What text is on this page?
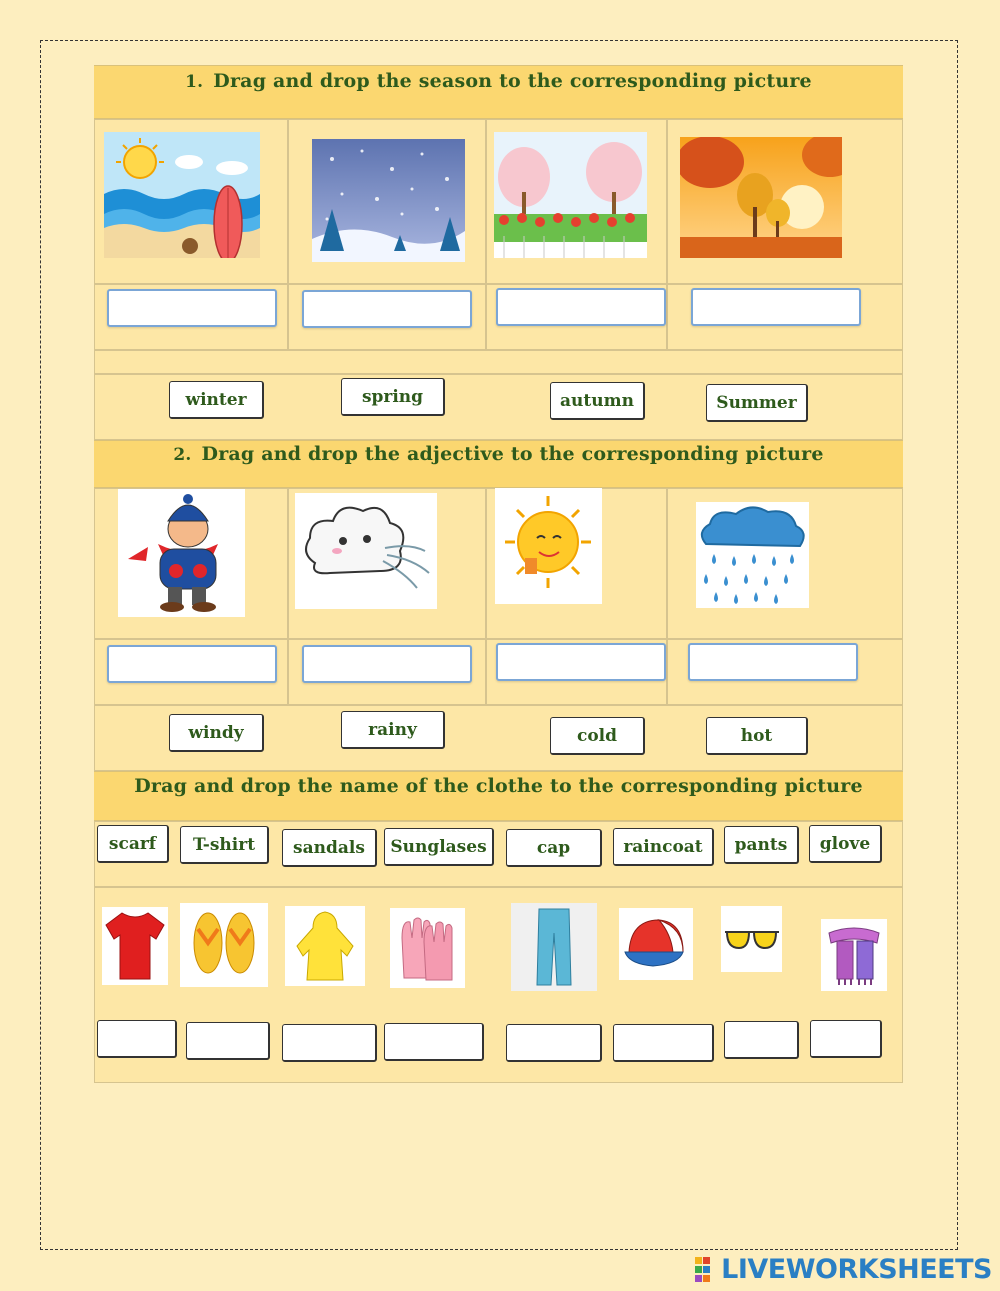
1. Drag and drop the season to the corresponding picture
winter	spring	autumn	Summer
2. Drag and drop the adjective to the corresponding picture
windy	rainy	cold	hot
Drag and drop the name of the clothe to the corresponding picture
scarf	T-shirt	sandals	Sunglases	cap	raincoat	pants	glove
LIVEWORKSHEETS
